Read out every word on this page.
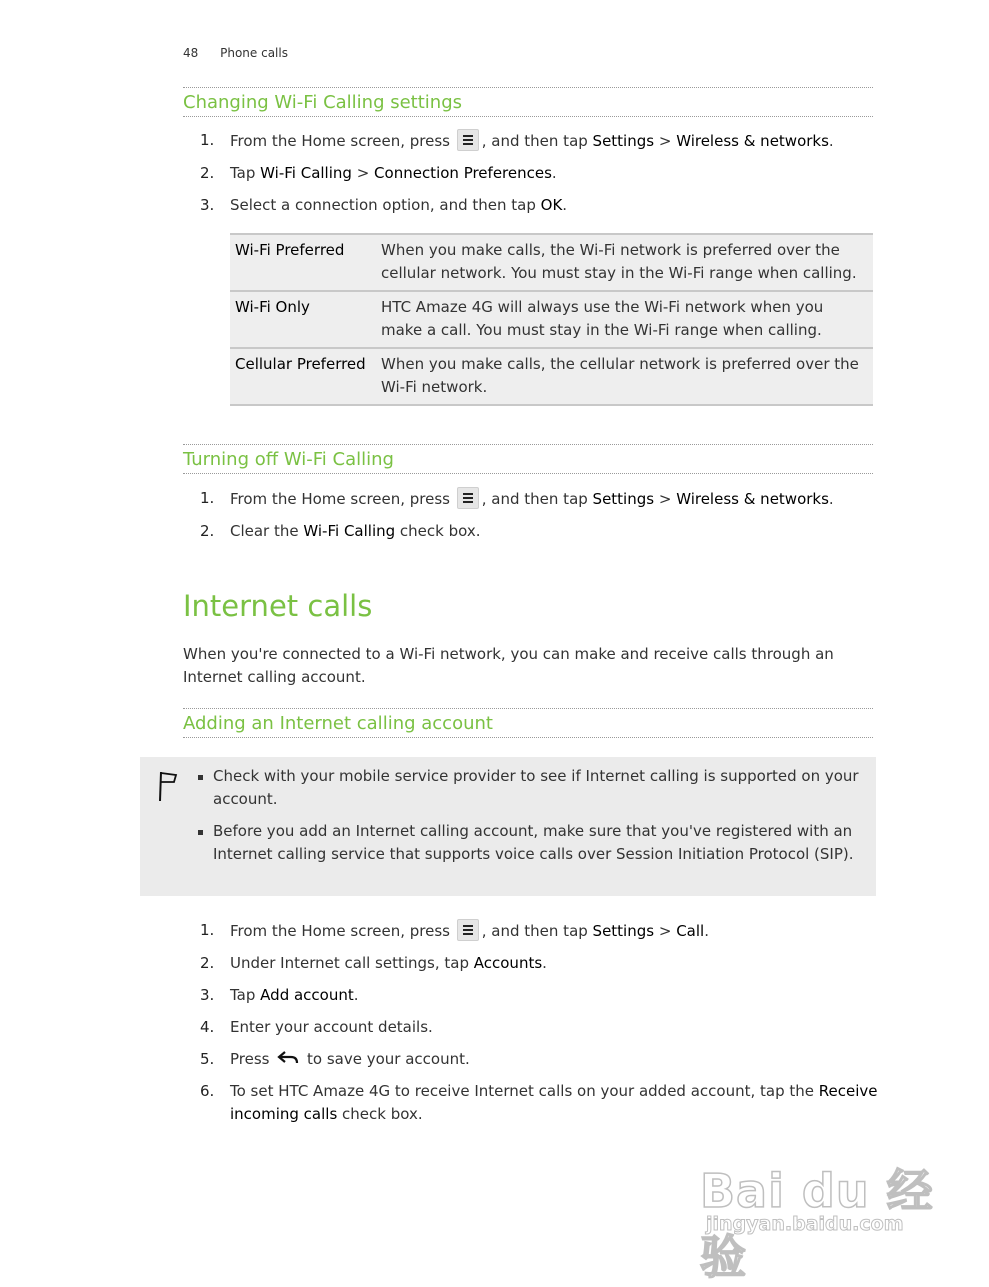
48 Phone calls
Changing Wi-Fi Calling settings
1. From the Home screen, press
, and then tap Settings > Wireless & networks.
2. Tap Wi-Fi Calling > Connection Preferences.
3. Select a connection option, and then tap OK.
Wi-Fi Preferred	When you make calls, the Wi-Fi network is preferred over the cellular network. You must stay in the Wi-Fi range when calling.
Wi-Fi Only	HTC Amaze 4G will always use the Wi-Fi network when you make a call. You must stay in the Wi-Fi range when calling.
Cellular Preferred	When you make calls, the cellular network is preferred over the Wi-Fi network.
Turning off Wi-Fi Calling
1. From the Home screen, press
, and then tap Settings > Wireless & networks.
2. Clear the Wi-Fi Calling check box.
Internet calls
When you're connected to a Wi-Fi network, you can make and receive calls through an Internet calling account.
Adding an Internet calling account
Check with your mobile service provider to see if Internet calling is supported on your account.
Before you add an Internet calling account, make sure that you've registered with an Internet calling service that supports voice calls over Session Initiation Protocol (SIP).
1. From the Home screen, press
, and then tap Settings > Call.
2. Under Internet call settings, tap Accounts.
3. Tap Add account.
4. Enter your account details.
5. Press  to save your account.
6. To set HTC Amaze 4G to receive Internet calls on your added account, tap the Receive incoming calls check box.
Bai du 经验
jingyan.baidu.com
